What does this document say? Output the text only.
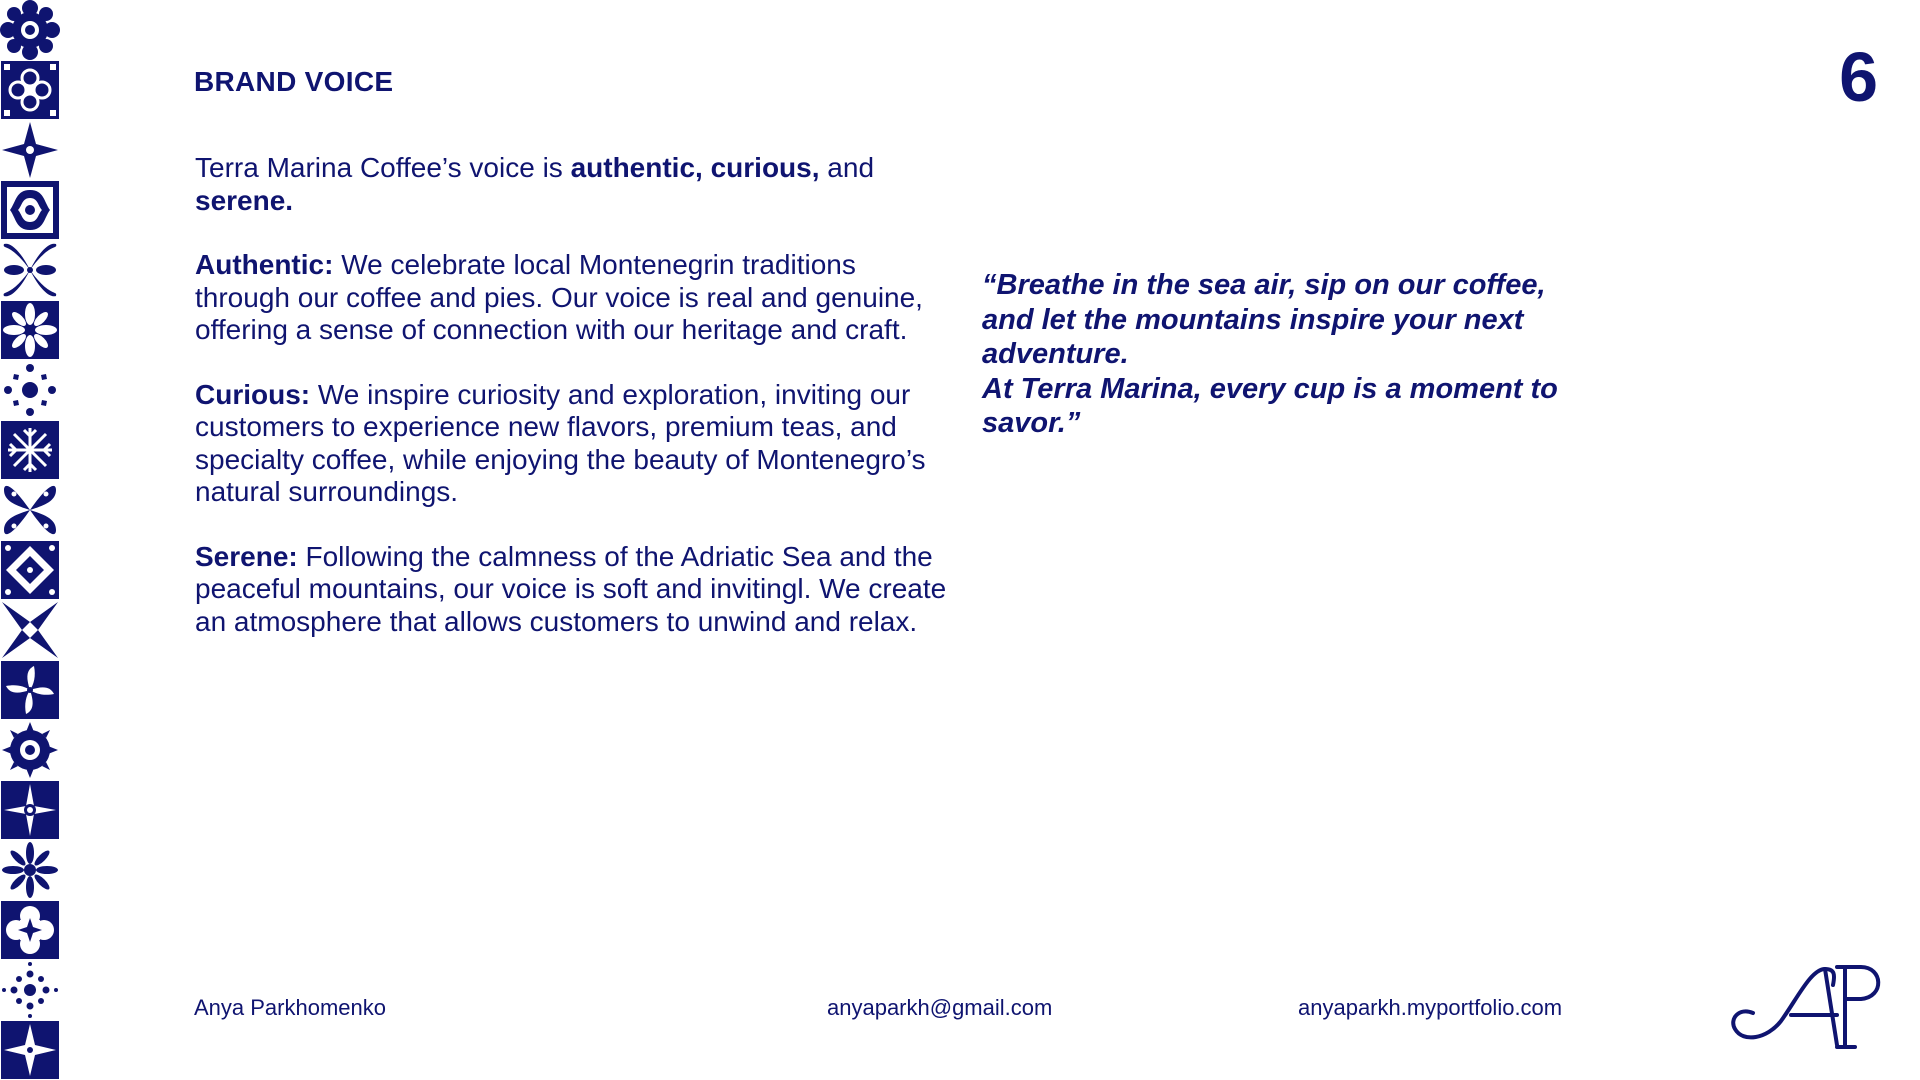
BRAND VOICE	6

Terra Marina Coffee’s voice is authentic, curious, and
serene.

Authentic: We celebrate local Montenegrin traditions through our coffee and pies. Our voice is real and genuine, offering a sense of connection with our heritage and craft.

Curious: We inspire curiosity and exploration, inviting our customers to experience new flavors, premium teas, and specialty coffee, while enjoying the beauty of Montenegro’s natural surroundings.

Serene: Following the calmness of the Adriatic Sea and the peaceful mountains, our voice is soft and invitingl. We create an atmosphere that allows customers to unwind and relax.

“Breathe in the sea air, sip on our coffee, and let the mountains inspire your next adventure.
At Terra Marina, every cup is a moment to savor.”
Anya Parkhomenko	anyaparkh@gmail.com	anyaparkh.myportfolio.com
